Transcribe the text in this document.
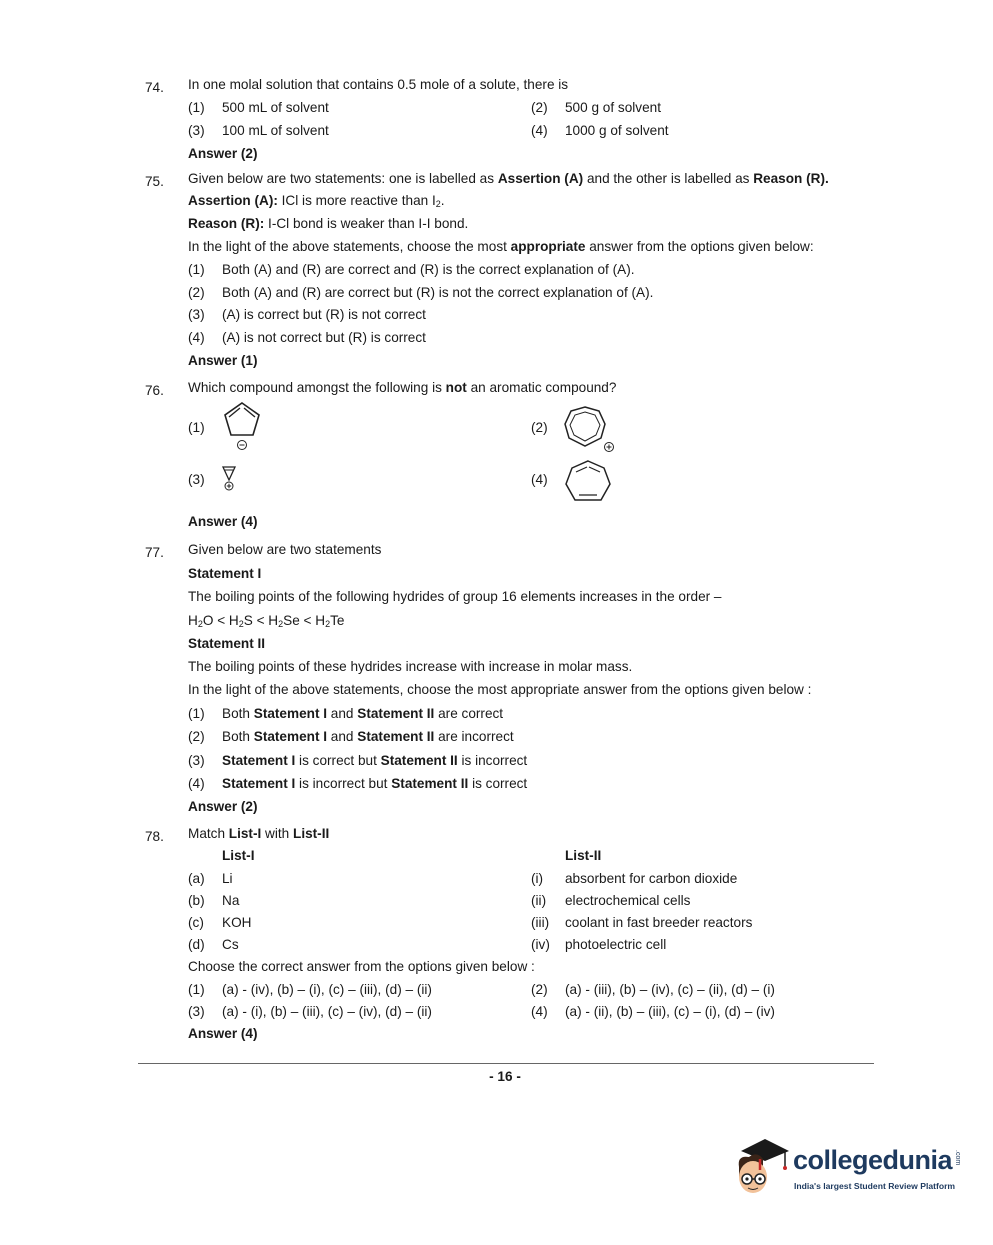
74. In one molal solution that contains 0.5 mole of a solute, there is
(1) 500 mL of solvent	(2) 500 g of solvent
(3) 100 mL of solvent	(4) 1000 g of solvent
Answer (2)
75. Given below are two statements: one is labelled as Assertion (A) and the other is labelled as Reason (R).
Assertion (A): ICl is more reactive than $I_2$.
Reason (R): I-Cl bond is weaker than I-I bond.
In the light of the above statements, choose the most appropriate answer from the options given below:
(1) Both (A) and (R) are correct and (R) is the correct explanation of (A).
(2) Both (A) and (R) are correct but (R) is not the correct explanation of (A).
(3) (A) is correct but (R) is not correct
(4) (A) is not correct but (R) is correct
Answer (1)
76. Which compound amongst the following is not an aromatic compound?
(1)	(2)
(3)	(4)
Answer (4)
77. Given below are two statements
Statement I
The boiling points of the following hydrides of group 16 elements increases in the order –
$H_2O < H_2S < H_2Se < H_2Te$
Statement II
The boiling points of these hydrides increase with increase in molar mass.
In the light of the above statements, choose the most appropriate answer from the options given below :
(1) Both Statement I and Statement II are correct
(2) Both Statement I and Statement II are incorrect
(3) Statement I is correct but Statement II is incorrect
(4) Statement I is incorrect but Statement II is correct
Answer (2)
78. Match List-I with List-II
List-I	List-II
(a) Li	(i) absorbent for carbon dioxide
(b) Na	(ii) electrochemical cells
(c) KOH	(iii) coolant in fast breeder reactors
(d) Cs	(iv) photoelectric cell
Choose the correct answer from the options given below :
(1) (a) - (iv), (b) – (i), (c) – (iii), (d) – (ii)	(2) (a) - (iii), (b) – (iv), (c) – (ii), (d) – (i)
(3) (a) - (i), (b) – (iii), (c) – (iv), (d) – (ii)	(4) (a) - (ii), (b) – (iii), (c) – (i), (d) – (iv)
Answer (4)
- 16 -
collegedunia .com
India's largest Student Review Platform
